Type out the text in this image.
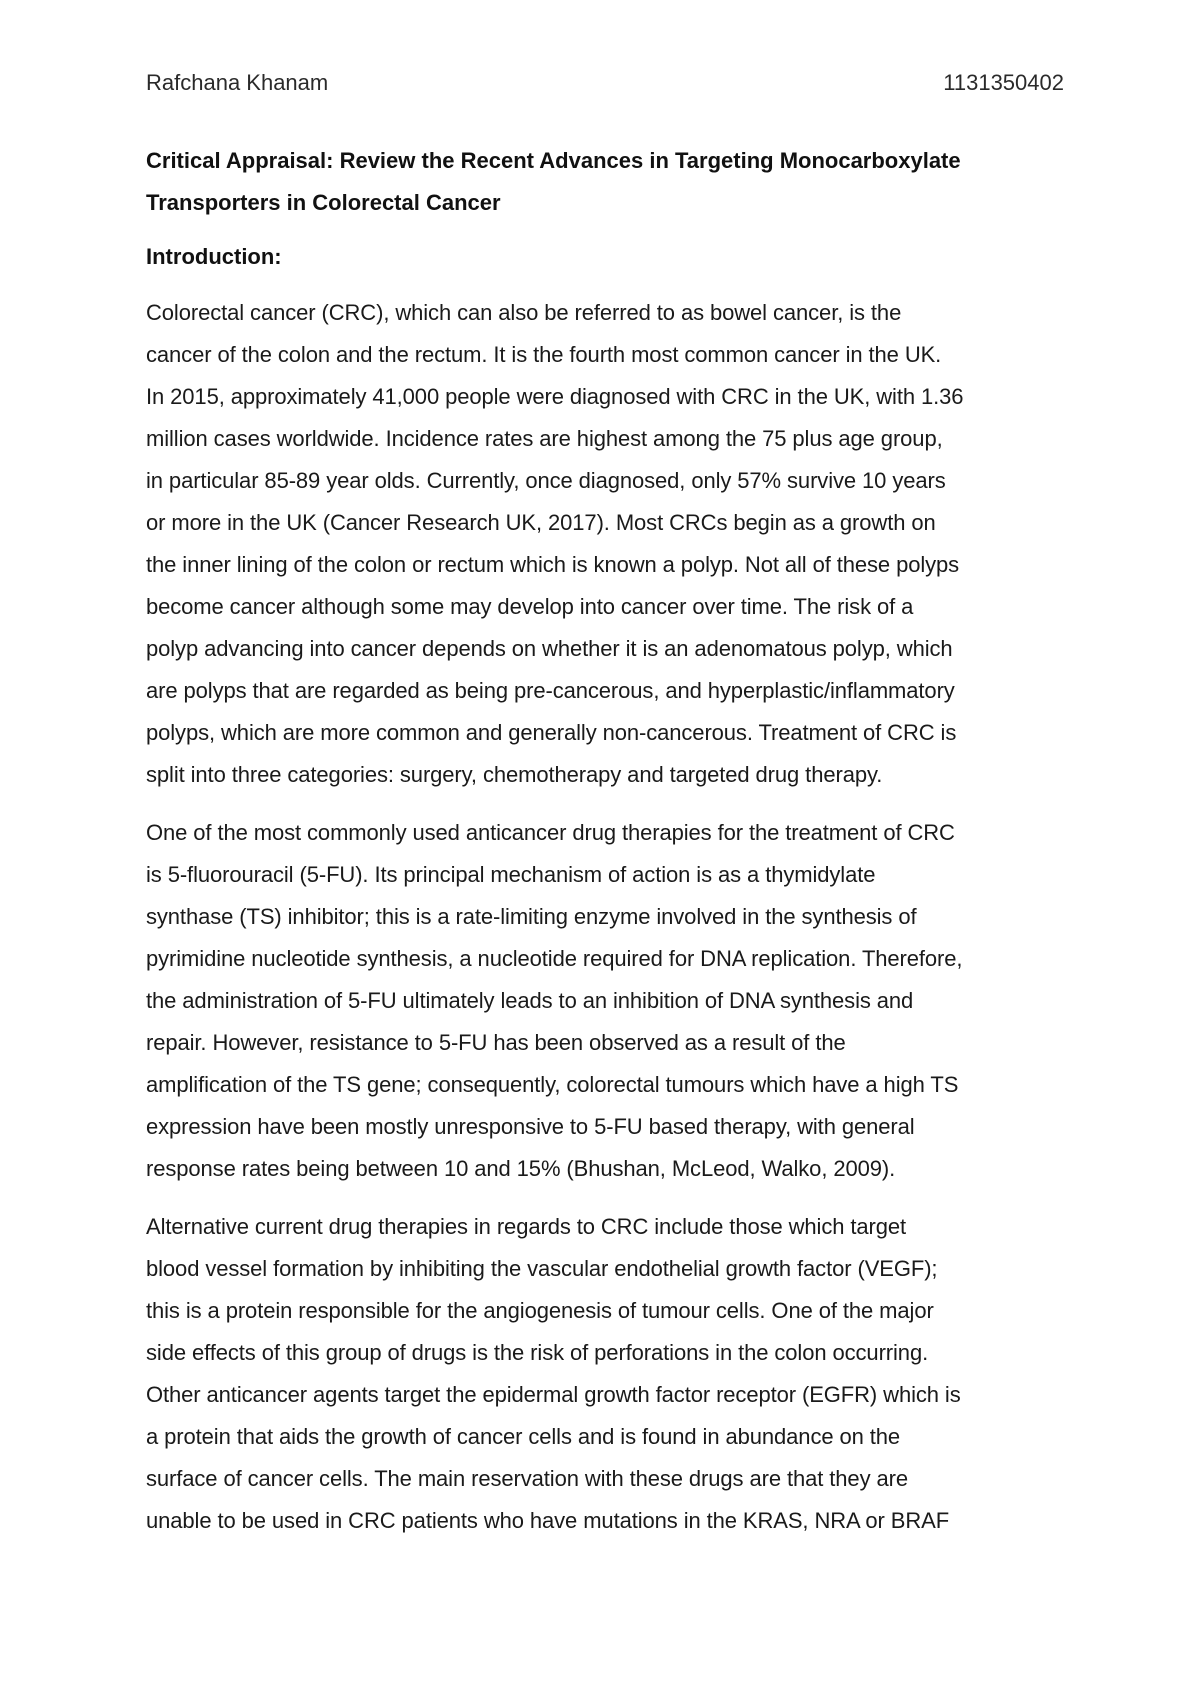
Rafchana Khanam	1131350402
Critical Appraisal: Review the Recent Advances in Targeting Monocarboxylate
Transporters in Colorectal Cancer
Introduction:
Colorectal cancer (CRC), which can also be referred to as bowel cancer, is the
cancer of the colon and the rectum. It is the fourth most common cancer in the UK.
In 2015, approximately 41,000 people were diagnosed with CRC in the UK, with 1.36
million cases worldwide. Incidence rates are highest among the 75 plus age group,
in particular 85-89 year olds. Currently, once diagnosed, only 57% survive 10 years
or more in the UK (Cancer Research UK, 2017). Most CRCs begin as a growth on
the inner lining of the colon or rectum which is known a polyp. Not all of these polyps
become cancer although some may develop into cancer over time. The risk of a
polyp advancing into cancer depends on whether it is an adenomatous polyp, which
are polyps that are regarded as being pre-cancerous, and hyperplastic/inflammatory
polyps, which are more common and generally non-cancerous. Treatment of CRC is
split into three categories: surgery, chemotherapy and targeted drug therapy.
One of the most commonly used anticancer drug therapies for the treatment of CRC
is 5-fluorouracil (5-FU). Its principal mechanism of action is as a thymidylate
synthase (TS) inhibitor; this is a rate-limiting enzyme involved in the synthesis of
pyrimidine nucleotide synthesis, a nucleotide required for DNA replication. Therefore,
the administration of 5-FU ultimately leads to an inhibition of DNA synthesis and
repair. However, resistance to 5-FU has been observed as a result of the
amplification of the TS gene; consequently, colorectal tumours which have a high TS
expression have been mostly unresponsive to 5-FU based therapy, with general
response rates being between 10 and 15% (Bhushan, McLeod, Walko, 2009).
Alternative current drug therapies in regards to CRC include those which target
blood vessel formation by inhibiting the vascular endothelial growth factor (VEGF);
this is a protein responsible for the angiogenesis of tumour cells. One of the major
side effects of this group of drugs is the risk of perforations in the colon occurring.
Other anticancer agents target the epidermal growth factor receptor (EGFR) which is
a protein that aids the growth of cancer cells and is found in abundance on the
surface of cancer cells. The main reservation with these drugs are that they are
unable to be used in CRC patients who have mutations in the KRAS, NRA or BRAF
